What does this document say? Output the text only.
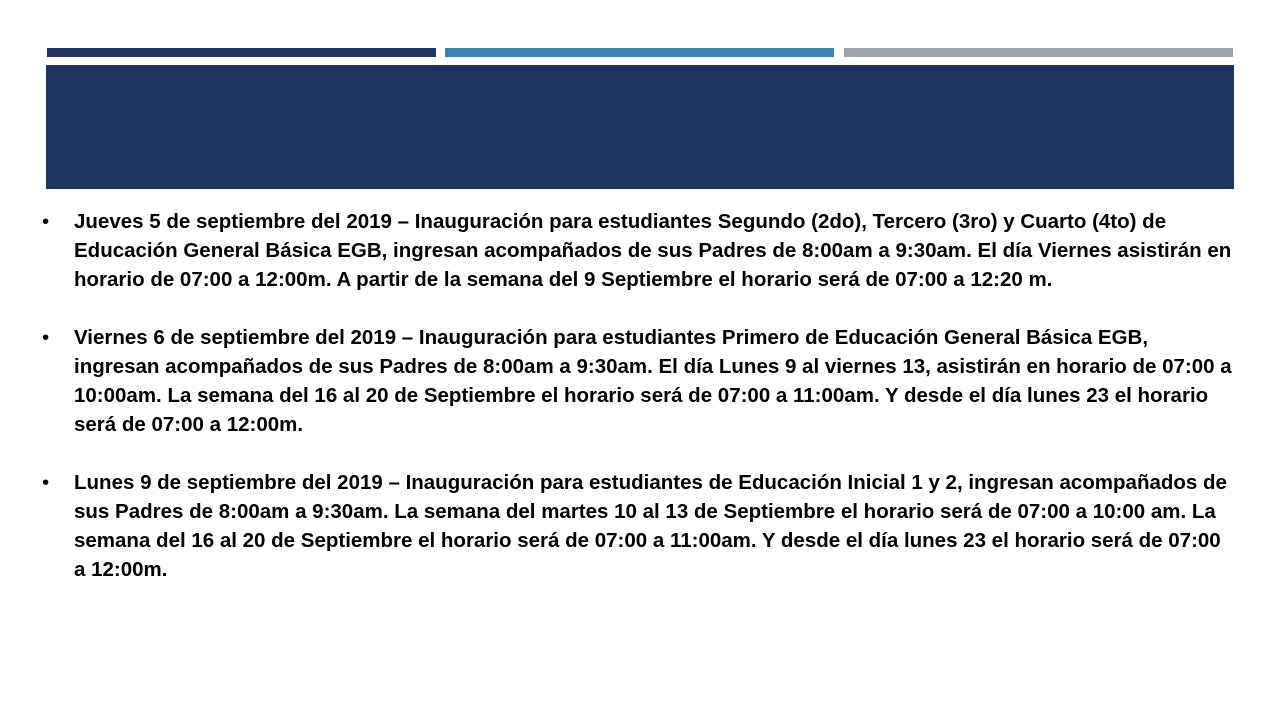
• Jueves 5 de septiembre del 2019 – Inauguración para estudiantes Segundo (2do), Tercero (3ro) y Cuarto (4to) de Educación General Básica EGB, ingresan acompañados de sus Padres de 8:00am a 9:30am. El día Viernes asistirán en horario de 07:00 a 12:00m. A partir de la semana del 9 Septiembre el horario será de 07:00 a 12:20 m.
• Viernes 6 de septiembre del 2019 – Inauguración para estudiantes Primero de Educación General Básica EGB, ingresan acompañados de sus Padres de 8:00am a 9:30am. El día Lunes 9 al viernes 13, asistirán en horario de 07:00 a 10:00am. La semana del 16 al 20 de Septiembre el horario será de 07:00 a 11:00am. Y desde el día lunes 23 el horario será de 07:00 a 12:00m.
• Lunes 9 de septiembre del 2019 – Inauguración para estudiantes de Educación Inicial 1 y 2, ingresan acompañados de sus Padres de 8:00am a 9:30am. La semana del martes 10 al 13 de Septiembre el horario será de 07:00 a 10:00 am. La semana del 16 al 20 de Septiembre el horario será de 07:00 a 11:00am. Y desde el día lunes 23 el horario será de 07:00 a 12:00m.
